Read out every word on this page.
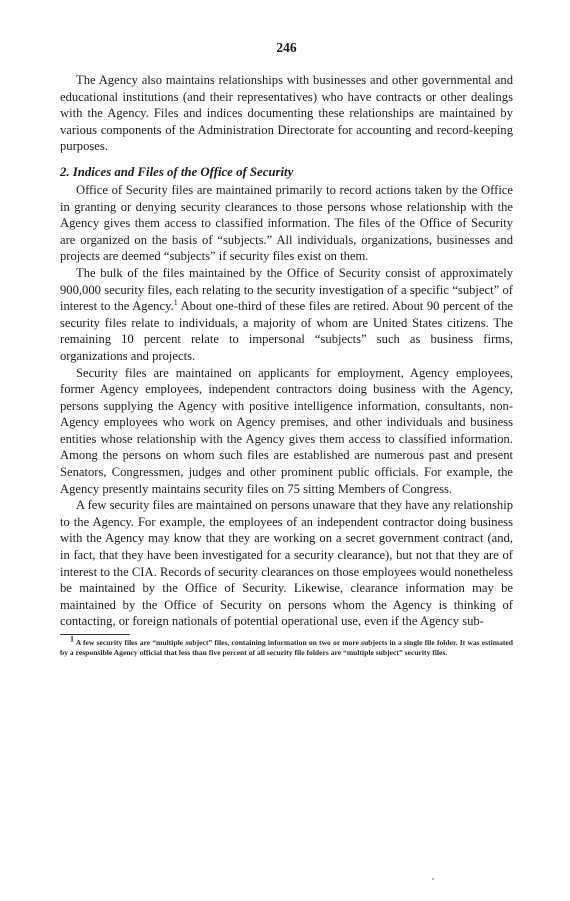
246

The Agency also maintains relationships with businesses and other governmental and educational institutions (and their representatives) who have contracts or other dealings with the Agency. Files and indices documenting these relationships are maintained by various components of the Administration Directorate for accounting and record-keeping purposes.

2. Indices and Files of the Office of Security

Office of Security files are maintained primarily to record actions taken by the Office in granting or denying security clearances to those persons whose relationship with the Agency gives them access to classified information. The files of the Office of Security are organized on the basis of “subjects.” All individuals, organizations, businesses and projects are deemed “subjects” if security files exist on them.

The bulk of the files maintained by the Office of Security consist of approximately 900,000 security files, each relating to the security investigation of a specific “subject” of interest to the Agency.$^1$ About one-third of these files are retired. About 90 percent of the security files relate to individuals, a majority of whom are United States citizens. The remaining 10 percent relate to impersonal “subjects” such as business firms, organizations and projects.

Security files are maintained on applicants for employment, Agency employees, former Agency employees, independent contractors doing business with the Agency, persons supplying the Agency with positive intelligence information, consultants, non-Agency employees who work on Agency premises, and other individuals and business entities whose relationship with the Agency gives them access to classified information. Among the persons on whom such files are established are numerous past and present Senators, Congressmen, judges and other prominent public officials. For example, the Agency presently maintains security files on 75 sitting Members of Congress.

A few security files are maintained on persons unaware that they have any relationship to the Agency. For example, the employees of an independent contractor doing business with the Agency may know that they are working on a secret government contract (and, in fact, that they have been investigated for a security clearance), but not that they are of interest to the CIA. Records of security clearances on those employees would nonetheless be maintained by the Office of Security. Likewise, clearance information may be maintained by the Office of Security on persons whom the Agency is thinking of contacting, or foreign nationals of potential operational use, even if the Agency sub-

$^1$ A few security files are “multiple subject” files, containing information on two or more subjects in a single file folder. It was estimated by a responsible Agency official that less than five percent of all security file folders are “multiple subject” security files.
